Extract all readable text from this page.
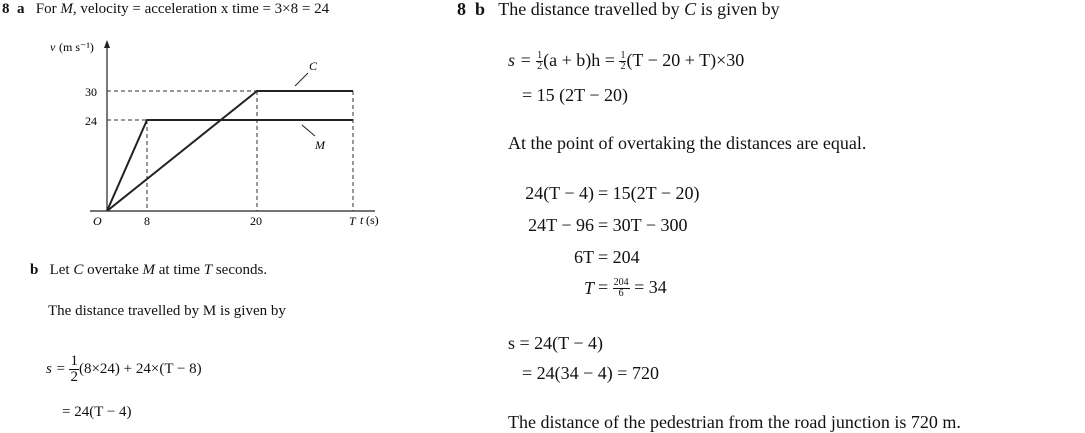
8 a For M, velocity = acceleration x time = 3×8 = 24
v (m s⁻¹)
t (s)
O
30
24
8	20	T
C
M
b Let C overtake M at time T seconds.
The distance travelled by M is given by
$s = \frac{1}{2} (8\times 24) + 24\times(T - 8)$
= 24(T − 4)
8 b The distance travelled by C is given by
$s = \frac{1}{2} (a + b)h = \frac{1}{2} (T - 20 + T)\times 30$
= 15 (2T − 20)
At the point of overtaking the distances are equal.
24(T − 4) = 15(2T − 20)
24T − 96 = 30T − 300
6T = 204
$T = \frac{204}{6} = 34$
s = 24(T − 4)
= 24(34 − 4) = 720
The distance of the pedestrian from the road junction is 720 m.
